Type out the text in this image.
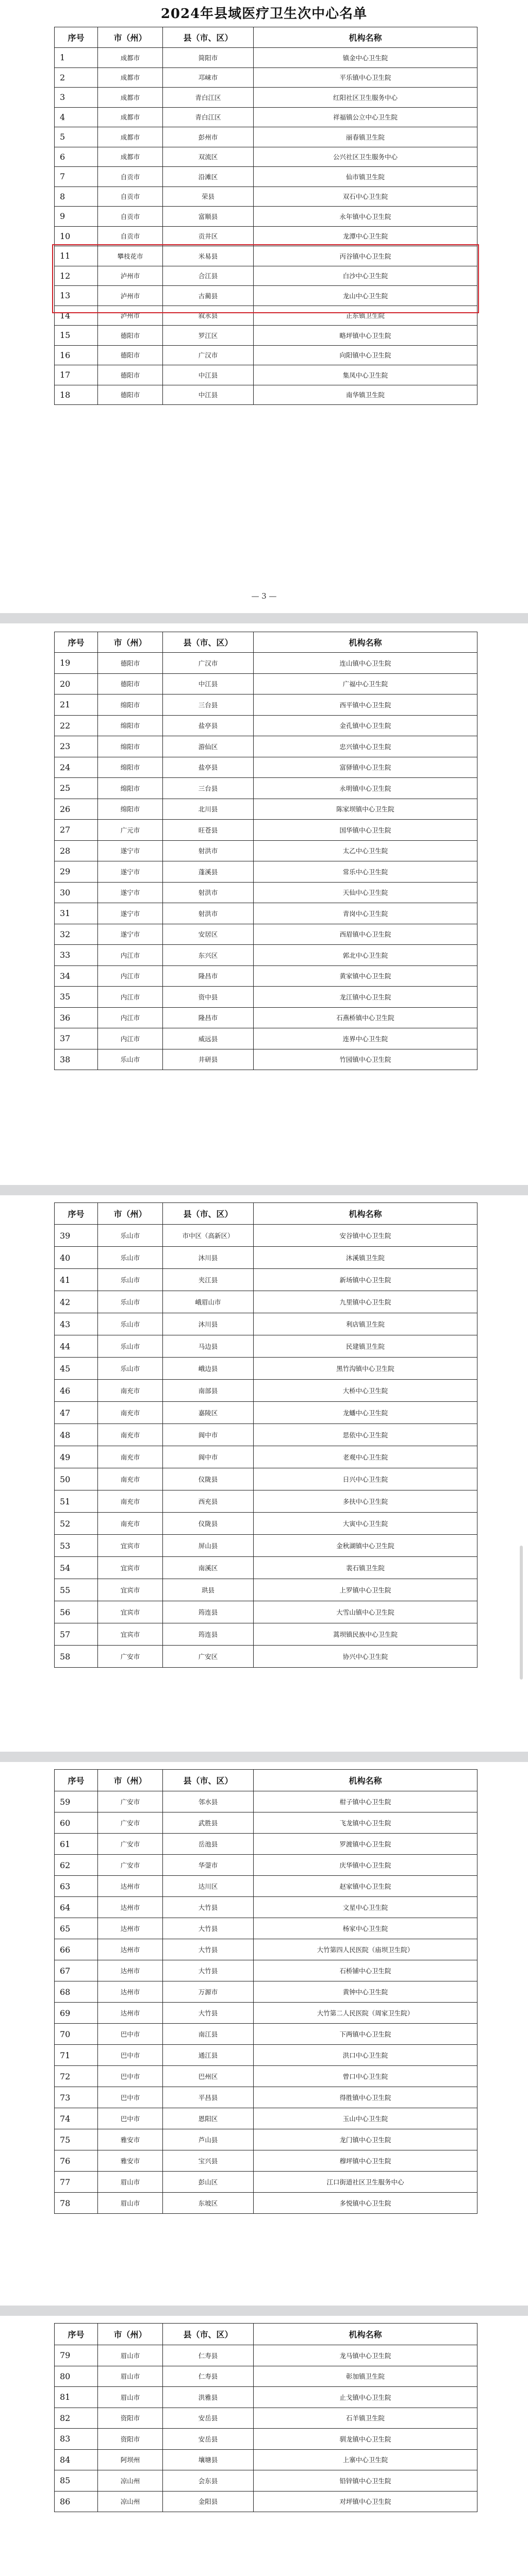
2024年县域医疗卫生次中心名单
序号	市（州）	县（市、区）	机构名称
1	成都市	简阳市	镇金中心卫生院
2	成都市	邛崃市	平乐镇中心卫生院
3	成都市	青白江区	红阳社区卫生服务中心
4	成都市	青白江区	祥福镇公立中心卫生院
5	成都市	彭州市	丽春镇卫生院
6	成都市	双流区	公兴社区卫生服务中心
7	自贡市	沿滩区	仙市镇卫生院
8	自贡市	荣县	双石中心卫生院
9	自贡市	富顺县	永年镇中心卫生院
10	自贡市	贡井区	龙潭中心卫生院
11	攀枝花市	米易县	丙谷镇中心卫生院
12	泸州市	合江县	白沙中心卫生院
13	泸州市	古蔺县	龙山中心卫生院
14	泸州市	叙永县	正东镇卫生院
15	德阳市	罗江区	略坪镇中心卫生院
16	德阳市	广汉市	向阳镇中心卫生院
17	德阳市	中江县	集凤中心卫生院
18	德阳市	中江县	南华镇卫生院
— 3 —
序号	市（州）	县（市、区）	机构名称
19	德阳市	广汉市	连山镇中心卫生院
20	德阳市	中江县	广福中心卫生院
21	绵阳市	三台县	西平镇中心卫生院
22	绵阳市	盐亭县	金孔镇中心卫生院
23	绵阳市	游仙区	忠兴镇中心卫生院
24	绵阳市	盐亭县	富驿镇中心卫生院
25	绵阳市	三台县	永明镇中心卫生院
26	绵阳市	北川县	陈家坝镇中心卫生院
27	广元市	旺苍县	国华镇中心卫生院
28	遂宁市	射洪市	太乙中心卫生院
29	遂宁市	蓬溪县	常乐中心卫生院
30	遂宁市	射洪市	天仙中心卫生院
31	遂宁市	射洪市	青岗中心卫生院
32	遂宁市	安居区	西眉镇中心卫生院
33	内江市	东兴区	郭北中心卫生院
34	内江市	隆昌市	黄家镇中心卫生院
35	内江市	资中县	龙江镇中心卫生院
36	内江市	隆昌市	石燕桥镇中心卫生院
37	内江市	威远县	连界中心卫生院
38	乐山市	井研县	竹园镇中心卫生院
序号	市（州）	县（市、区）	机构名称
39	乐山市	市中区（高新区）	安谷镇中心卫生院
40	乐山市	沐川县	沐溪镇卫生院
41	乐山市	夹江县	新场镇中心卫生院
42	乐山市	峨眉山市	九里镇中心卫生院
43	乐山市	沐川县	利店镇卫生院
44	乐山市	马边县	民建镇卫生院
45	乐山市	峨边县	黑竹沟镇中心卫生院
46	南充市	南部县	大桥中心卫生院
47	南充市	嘉陵区	龙蟠中心卫生院
48	南充市	阆中市	思依中心卫生院
49	南充市	阆中市	老观中心卫生院
50	南充市	仪陇县	日兴中心卫生院
51	南充市	西充县	多扶中心卫生院
52	南充市	仪陇县	大寅中心卫生院
53	宜宾市	屏山县	金秋湖镇中心卫生院
54	宜宾市	南溪区	裴石镇卫生院
55	宜宾市	珙县	上罗镇中心卫生院
56	宜宾市	筠连县	大雪山镇中心卫生院
57	宜宾市	筠连县	蒿坝镇民族中心卫生院
58	广安市	广安区	协兴中心卫生院
序号	市（州）	县（市、区）	机构名称
59	广安市	邻水县	柑子镇中心卫生院
60	广安市	武胜县	飞龙镇中心卫生院
61	广安市	岳池县	罗渡镇中心卫生院
62	广安市	华蓥市	庆华镇中心卫生院
63	达州市	达川区	赵家镇中心卫生院
64	达州市	大竹县	文星中心卫生院
65	达州市	大竹县	杨家中心卫生院
66	达州市	大竹县	大竹第四人民医院（庙坝卫生院）
67	达州市	大竹县	石桥铺中心卫生院
68	达州市	万源市	黄钟中心卫生院
69	达州市	大竹县	大竹第二人民医院（周家卫生院）
70	巴中市	南江县	下两镇中心卫生院
71	巴中市	通江县	洪口中心卫生院
72	巴中市	巴州区	曾口中心卫生院
73	巴中市	平昌县	得胜镇中心卫生院
74	巴中市	恩阳区	玉山中心卫生院
75	雅安市	芦山县	龙门镇中心卫生院
76	雅安市	宝兴县	穆坪镇中心卫生院
77	眉山市	彭山区	江口街道社区卫生服务中心
78	眉山市	东坡区	多悦镇中心卫生院
序号	市（州）	县（市、区）	机构名称
79	眉山市	仁寿县	龙马镇中心卫生院
80	眉山市	仁寿县	彰加镇卫生院
81	眉山市	洪雅县	止戈镇中心卫生院
82	资阳市	安岳县	石羊镇卫生院
83	资阳市	安岳县	驯龙镇中心卫生院
84	阿坝州	壤塘县	上寨中心卫生院
85	凉山州	会东县	铅锌镇中心卫生院
86	凉山州	金阳县	对坪镇中心卫生院
